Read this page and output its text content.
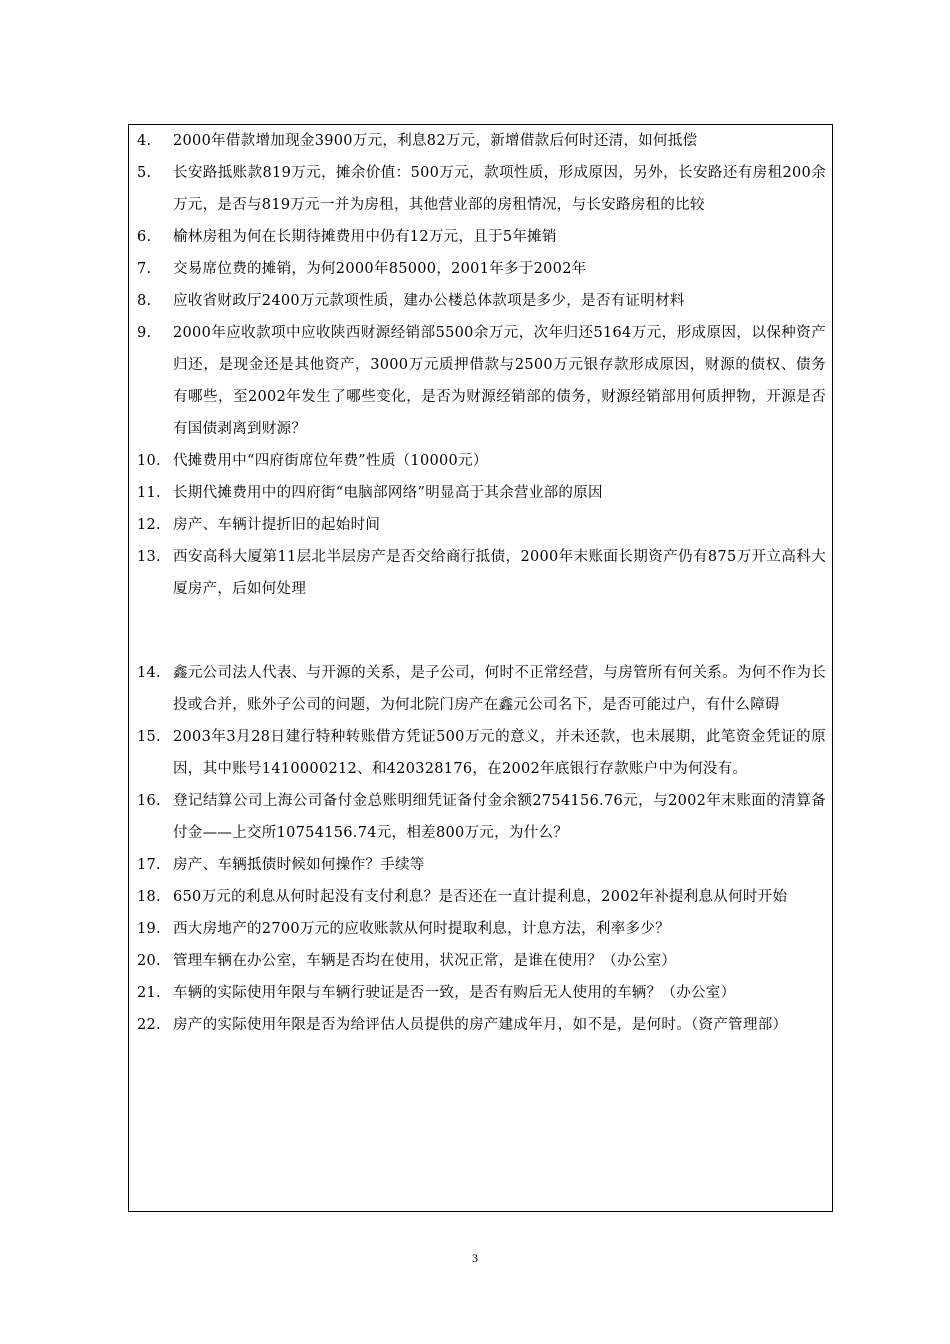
4.	2000年借款增加现金3900万元，利息82万元，新增借款后何时还清，如何抵偿
5.	长安路抵账款819万元，摊余价值：500万元，款项性质，形成原因，另外，长安路还有房租200余万元，是否与819万元一并为房租，其他营业部的房租情况，与长安路房租的比较
6.	榆林房租为何在长期待摊费用中仍有12万元，且于5年摊销
7.	交易席位费的摊销，为何2000年85000，2001年多于2002年
8.	应收省财政厅2400万元款项性质，建办公楼总体款项是多少，是否有证明材料
9.	2000年应收款项中应收陕西财源经销部5500余万元，次年归还5164万元，形成原因，以保种资产归还，是现金还是其他资产，3000万元质押借款与2500万元银存款形成原因，财源的债权、债务有哪些，至2002年发生了哪些变化，是否为财源经销部的债务，财源经销部用何质押物，开源是否有国债剥离到财源？
10. 代摊费用中“四府街席位年费”性质（10000元）
11. 长期代摊费用中的四府街“电脑部网络”明显高于其余营业部的原因
12. 房产、车辆计提折旧的起始时间
13. 西安高科大厦第11层北半层房产是否交给商行抵债，2000年末账面长期资产仍有875万开立高科大厦房产，后如何处理
14. 鑫元公司法人代表、与开源的关系，是子公司，何时不正常经营，与房管所有何关系。为何不作为长投或合并，账外子公司的问题，为何北院门房产在鑫元公司名下，是否可能过户，有什么障碍
15. 2003年3月28日建行特种转账借方凭证500万元的意义，并未还款，也未展期，此笔资金凭证的原因，其中账号1410000212、和420328176，在2002年底银行存款账户中为何没有。
16. 登记结算公司上海公司备付金总账明细凭证备付金余额2754156.76元，与2002年末账面的清算备付金——上交所10754156.74元，相差800万元，为什么？
17. 房产、车辆抵债时候如何操作？手续等
18. 650万元的利息从何时起没有支付利息？是否还在一直计提利息，2002年补提利息从何时开始
19. 西大房地产的2700万元的应收账款从何时提取利息，计息方法，利率多少？
20. 管理车辆在办公室，车辆是否均在使用，状况正常，是谁在使用？（办公室）
21. 车辆的实际使用年限与车辆行驶证是否一致，是否有购后无人使用的车辆？（办公室）
22. 房产的实际使用年限是否为给评估人员提供的房产建成年月，如不是，是何时。（资产管理部）
3
